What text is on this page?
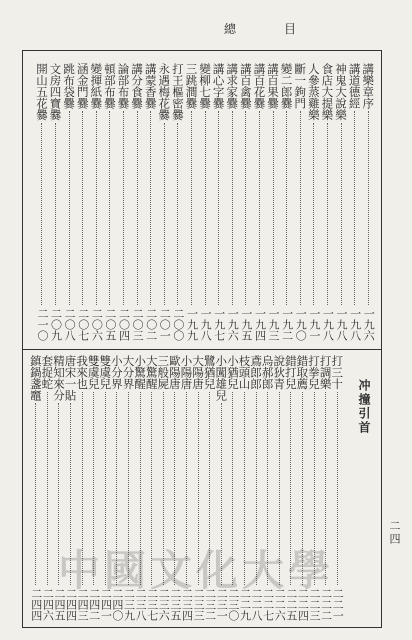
總	目
講樂章序
一九六
講道德經
一九八
神鬼大說樂
一九八
食店大提樂
一九八
人參蒸雞樂
一九一
斷一鉤門
一九〇
變二郎爨
一九二
講百果爨
一九三
講百花爨
一九四
講百禽爨
一九五
講求家爨
一九六
講心字爨
一九七
變柳七爨
一九八
三跳澗爨
一九九
打王樞密爨
二〇〇
永遇梅花爨
二〇一
講蒙香爨
二〇二
講分食爨
二〇三
論部布爨
二〇四
頓部布爨
二〇五
變揮紙爨
二〇六
涵金門爨
二〇七
跳布袋爨
二〇八
文房四寶爨
二〇九
開山五花爨
二一〇
打三十
二二一
打調樂
二二二
打拳兒
二二三
錯取薦
二二四
錯打兒
二二五
說狄青
二二六
烏郝郎
二二七
鳶郎郎
二二八
枝頭山
二二九
小猶兒
二三〇
小闖雄兒
二三一
鷺猶兒
二三二
大陽唐
二三三
小陽唐
二三四
歐陽唐
二三五
三般屍
二三六
大驚醒
二三七
小驚醒
二三八
大分界
二三九
小分界
二四〇
雙虞兒
二四一
雙虞兒
二四二
我來也
二四三
唐宋一貼
二四四
精知來分
二四五
套捉蛇
二四六
鎮鍋盞竈
二四四
冲撞引首
二四
中國文化大學
